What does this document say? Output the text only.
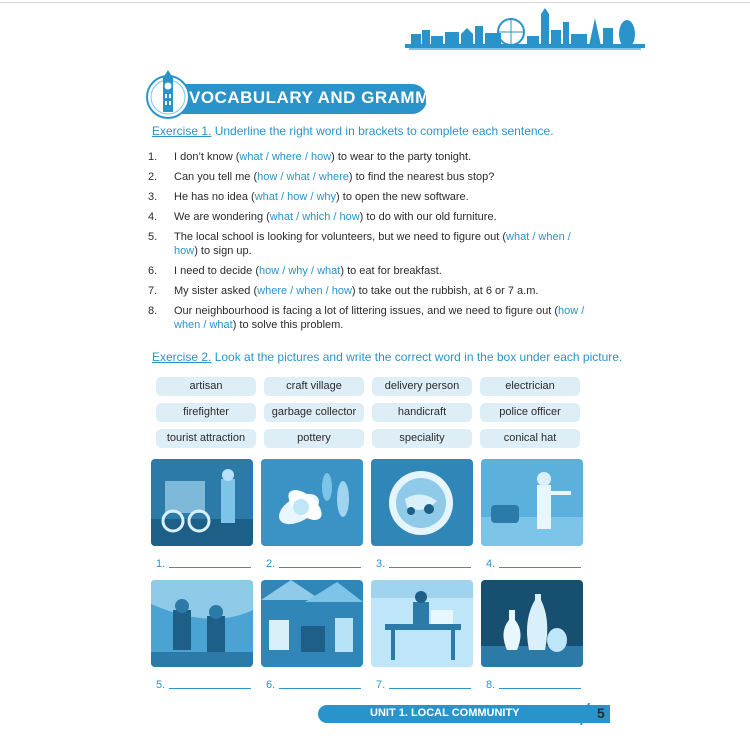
VOCABULARY AND GRAMMAR
Exercise 1. Underline the right word in brackets to complete each sentence.
1.	I don’t know (what / where / how) to wear to the party tonight.
2.	Can you tell me (how / what / where) to find the nearest bus stop?
3.	He has no idea (what / how / why) to open the new software.
4.	We are wondering (what / which / how) to do with our old furniture.
5.	The local school is looking for volunteers, but we need to figure out (what / when / how) to sign up.
6.	I need to decide (how / why / what) to eat for breakfast.
7.	My sister asked (where / when / how) to take out the rubbish, at 6 or 7 a.m.
8.	Our neighbourhood is facing a lot of littering issues, and we need to figure out (how / when / what) to solve this problem.
Exercise 2. Look at the pictures and write the correct word in the box under each picture.
artisan	craft village	delivery person	electrician
firefighter	garbage collector	handicraft	police officer
tourist attraction	pottery	speciality	conical hat
1.	2.	3.	4.
5.	6.	7.	8.
UNIT 1. LOCAL COMMUNITY	5
